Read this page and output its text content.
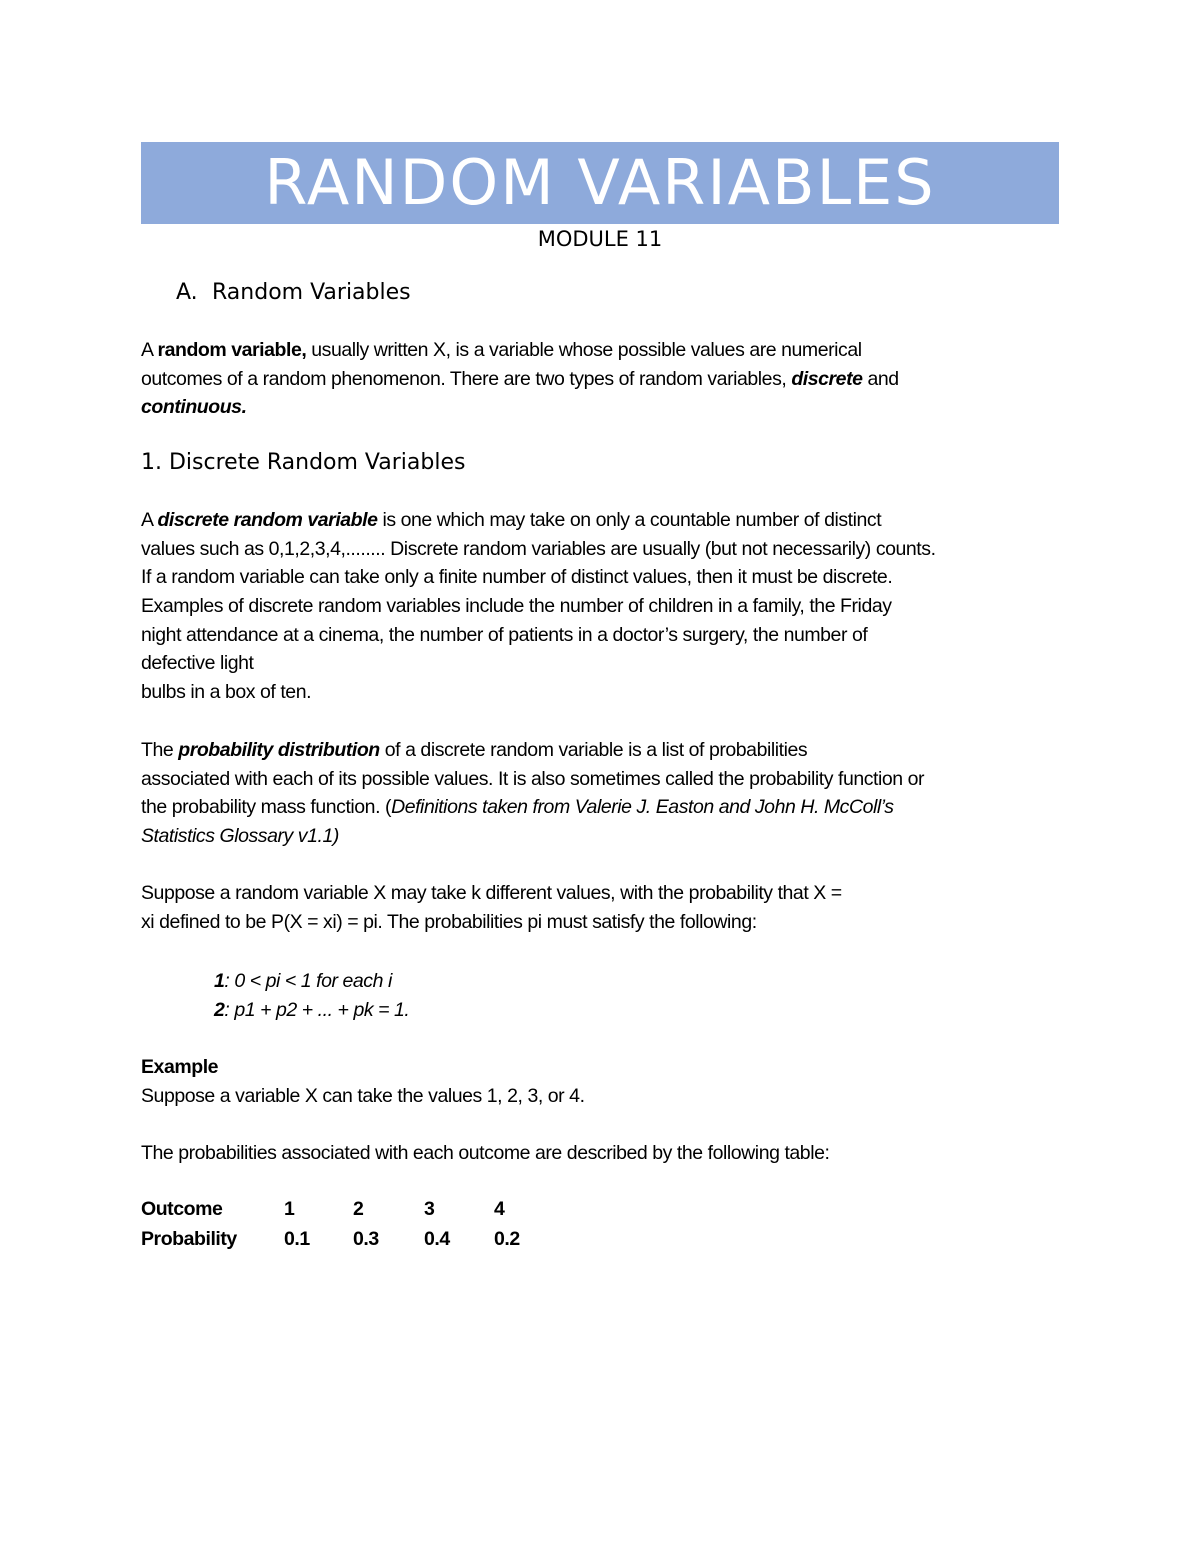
RANDOM VARIABLES
MODULE 11
A. Random Variables
A random variable, usually written X, is a variable whose possible values are numerical
outcomes of a random phenomenon. There are two types of random variables, discrete and
continuous.
1. Discrete Random Variables
A discrete random variable is one which may take on only a countable number of distinct
values such as 0,1,2,3,4,........ Discrete random variables are usually (but not necessarily) counts.
If a random variable can take only a finite number of distinct values, then it must be discrete.
Examples of discrete random variables include the number of children in a family, the Friday
night attendance at a cinema, the number of patients in a doctor’s surgery, the number of
defective light
bulbs in a box of ten.
The probability distribution of a discrete random variable is a list of probabilities
associated with each of its possible values. It is also sometimes called the probability function or
the probability mass function. (Definitions taken from Valerie J. Easton and John H. McColl’s
Statistics Glossary v1.1)
Suppose a random variable X may take k different values, with the probability that X =
xi defined to be P(X = xi) = pi. The probabilities pi must satisfy the following:
1: 0 < pi < 1 for each i
2: p1 + p2 + ... + pk = 1.
Example
Suppose a variable X can take the values 1, 2, 3, or 4.
The probabilities associated with each outcome are described by the following table:
Outcome	1	2	3	4
Probability 0.1 0.3 0.4 0.2
